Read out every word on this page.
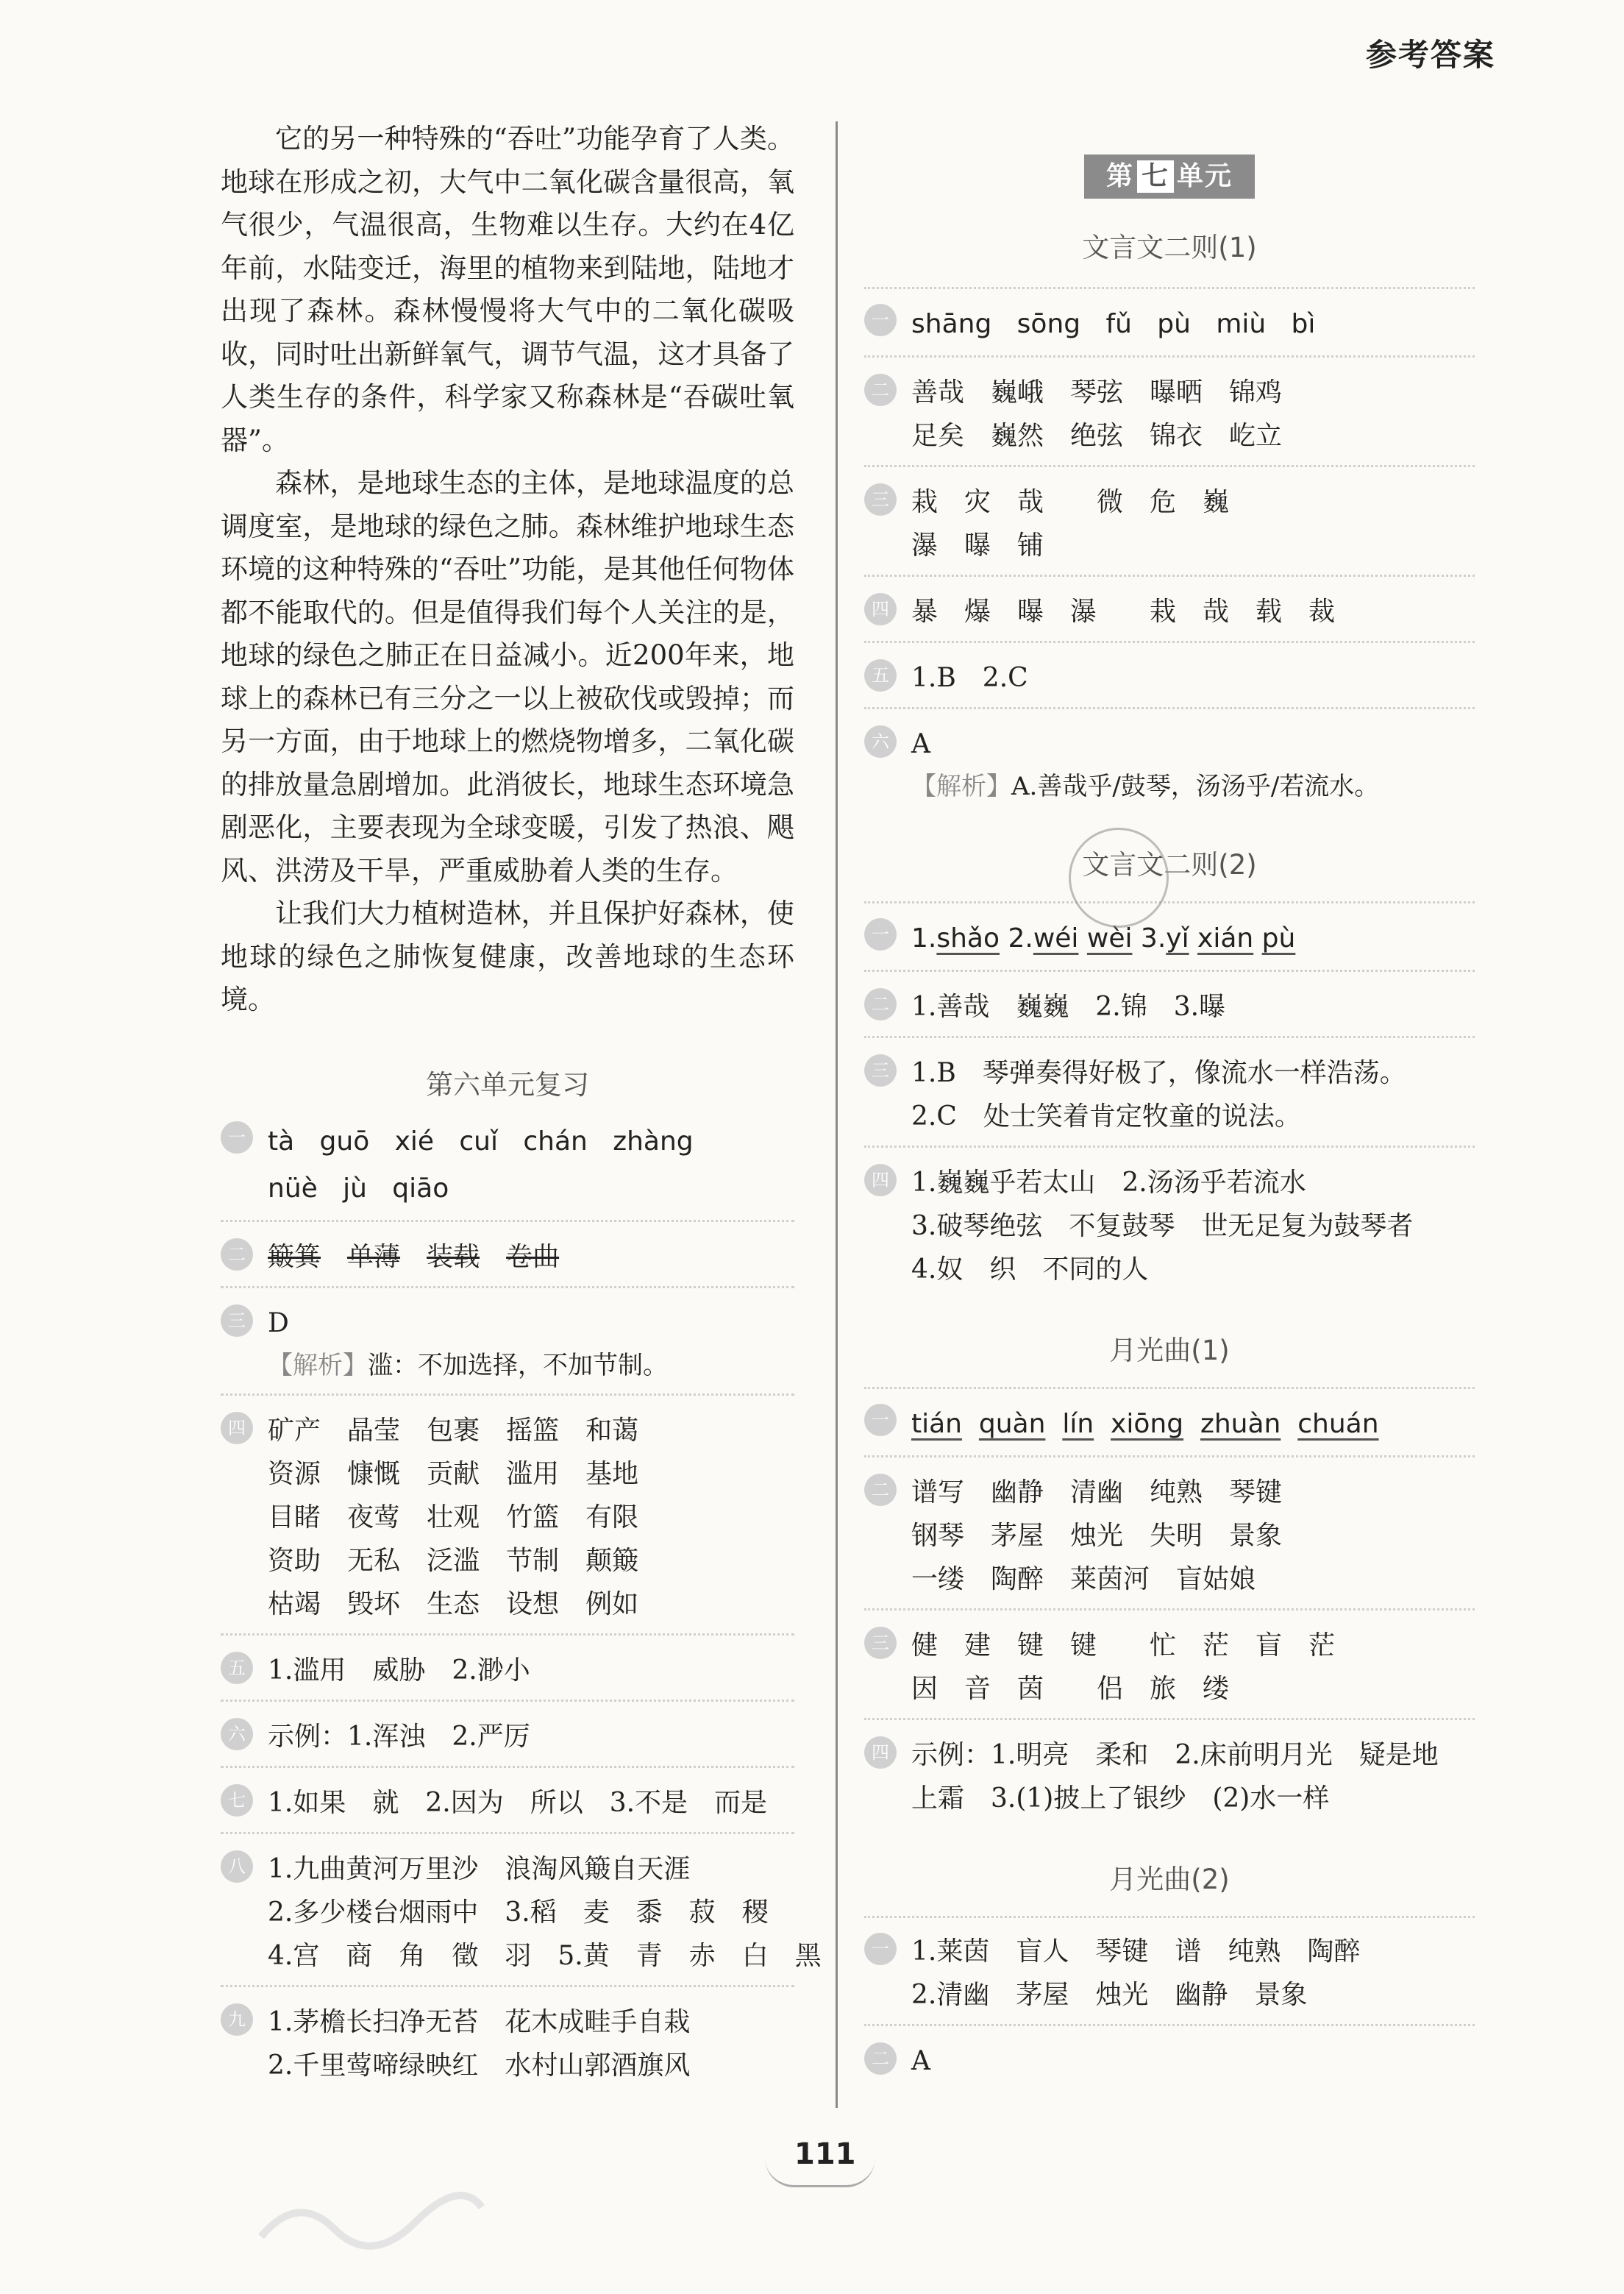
参考答案

它的另一种特殊的“吞吐”功能孕育了人类。地球在形成之初，大气中二氧化碳含量很高，氧气很少，气温很高，生物难以生存。大约在4亿年前，水陆变迁，海里的植物来到陆地，陆地才出现了森林。森林慢慢将大气中的二氧化碳吸收，同时吐出新鲜氧气，调节气温，这才具备了人类生存的条件，科学家又称森林是“吞碳吐氧器”。

森林，是地球生态的主体，是地球温度的总调度室，是地球的绿色之肺。森林维护地球生态环境的这种特殊的“吞吐”功能，是其他任何物体都不能取代的。但是值得我们每个人关注的是，地球的绿色之肺正在日益减小。近200年来，地球上的森林已有三分之一以上被砍伐或毁掉；而另一方面，由于地球上的燃烧物增多，二氧化碳的排放量急剧增加。此消彼长，地球生态环境急剧恶化，主要表现为全球变暖，引发了热浪、飓风、洪涝及干旱，严重威胁着人类的生存。

让我们大力植树造林，并且保护好森林，使地球的绿色之肺恢复健康，改善地球的生态环境。

第六单元复习

一 tà guō xié cuǐ chán zhàng
nüè jù qiāo
二 簸箕　 单薄　 装载　 卷曲
三 D
【解析】滥：不加选择，不加节制。
四 矿产　 晶莹　 包裹　 摇篮　 和蔼
资源　 慷慨　 贡献　 滥用　 基地
目睹　 夜莺　 壮观　 竹篮　 有限
资助　 无私　 泛滥　 节制　 颠簸
枯竭　 毁坏　 生态　 设想　 例如
五 1.滥用　威胁　2.渺小
六 示例：1.浑浊　2.严厉
七 1.如果　就　2.因为　所以　3.不是　而是
八 1.九曲黄河万里沙　浪淘风簸自天涯
2.多少楼台烟雨中　3.稻　麦　黍　菽　稷
4.宫　商　角　徵　羽　5.黄　青　赤　白　黑
九 1.茅檐长扫净无苔　花木成畦手自栽
2.千里莺啼绿映红　水村山郭酒旗风
第 七 单元

文言文二则(1)

一 shāng sōng fǔ pù miù bì
二 善哉　巍峨　琴弦　曝晒　锦鸡
足矣　巍然　绝弦　锦衣　屹立
三 栽　灾　哉　　微　危　巍
瀑　曝　铺
四 暴　爆　曝　瀑　　栽　哉　载　裁
五 1.B　2.C
六 A
【解析】A.善哉乎/鼓琴，汤汤乎/若流水。

文言文二则(2)

一 1.shǎo 2.wéi wèi 3.yǐ xián pù
二 1.善哉　巍巍　2.锦　3.曝
三 1.B　琴弹奏得好极了，像流水一样浩荡。
2.C　处士笑着肯定牧童的说法。
四 1.巍巍乎若太山　2.汤汤乎若流水
3.破琴绝弦　不复鼓琴　世无足复为鼓琴者
4.奴　织　不同的人

月光曲(1)

一 tián quàn lín xiōng zhuàn chuán
二 谱写　幽静　清幽　纯熟　琴键
钢琴　茅屋　烛光　失明　景象
一缕　陶醉　莱茵河　盲姑娘
三 健　建　键　键　　忙　茫　盲　茫
因　音　茵　　侣　旅　缕
四 示例：1.明亮　柔和　2.床前明月光　疑是地
上霜　3.(1)披上了银纱　(2)水一样

月光曲(2)

一 1.莱茵　盲人　琴键　谱　纯熟　陶醉
2.清幽　茅屋　烛光　幽静　景象
二 A
111
